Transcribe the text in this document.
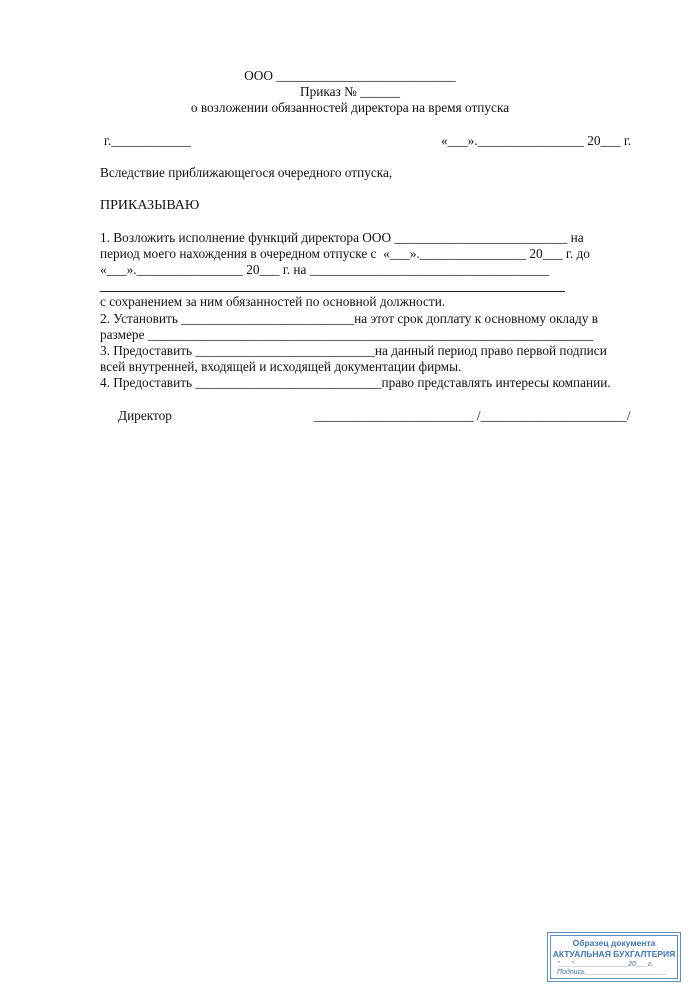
ООО ___________________________
Приказ № ______
о возложении обязанностей директора на время отпуска
г.____________	«___».________________ 20___ г.
Вследствие приближающегося очередного отпуска,
ПРИКАЗЫВАЮ
1. Возложить исполнение функций директора ООО __________________________ на
период моего нахождения в очередном отпуске с  «___».________________ 20___ г. до
«___».________________ 20___ г. на ____________________________________
с сохранением за ним обязанностей по основной должности.
2. Установить __________________________на этот срок доплату к основному окладу в
размере ___________________________________________________________________
3. Предоставить ___________________________на данный период право первой подписи
всей внутренней, входящей и исходящей документации фирмы.
4. Предоставить ____________________________право представлять интересы компании.
Директор	________________________ /______________________/
Образец документа
АКТУАЛЬНАЯ БУХГАЛТЕРИЯ
"___"______________20___г.
Подпись_____________________
